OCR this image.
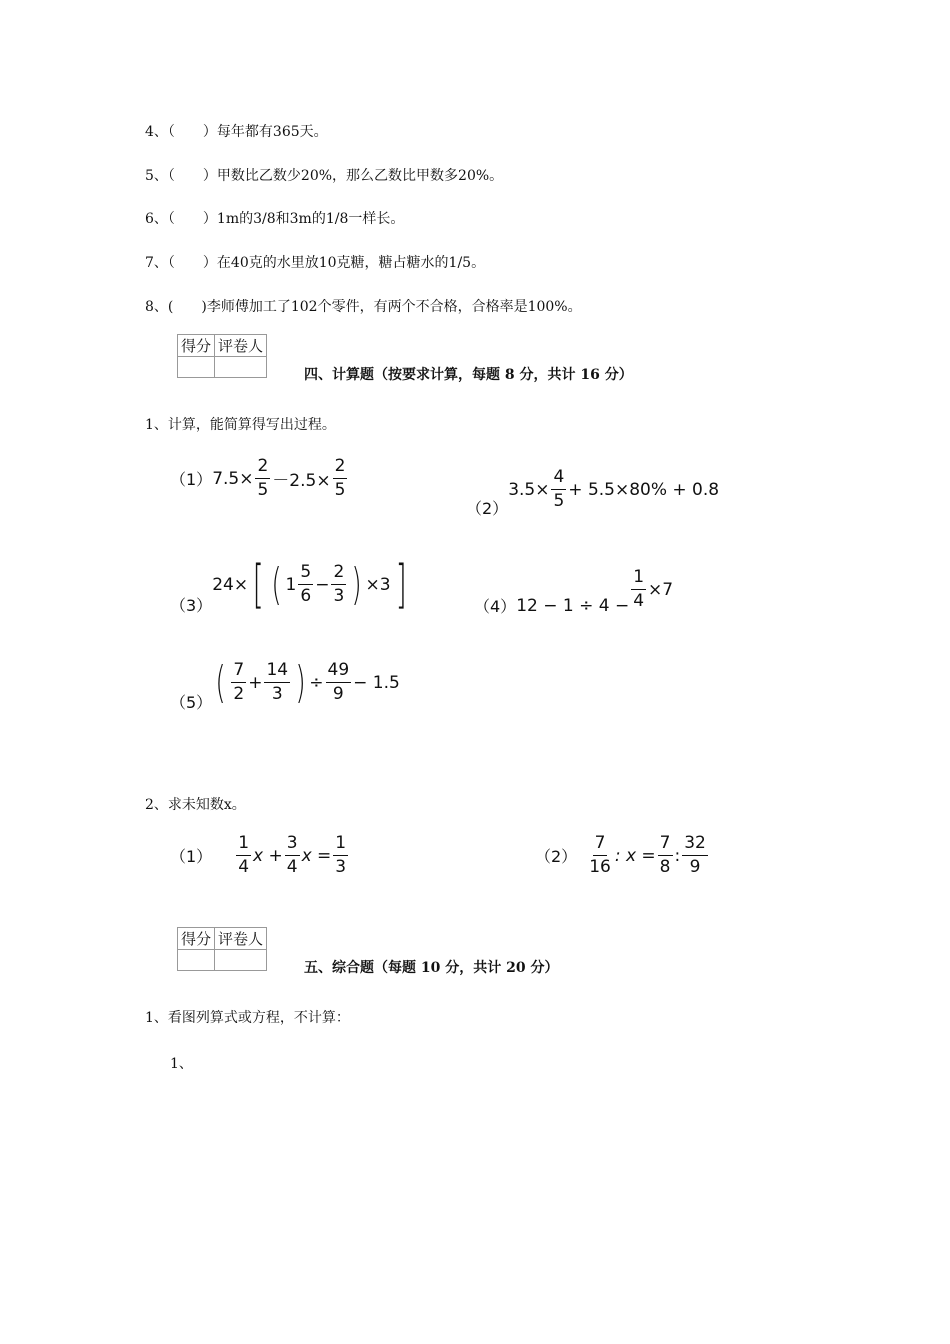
4、（　　）每年都有365天。
5、（　　）甲数比乙数少20%，那么乙数比甲数多20%。
6、（　　）1m的3/8和3m的1/8一样长。
7、（　　）在40克的水里放10克糖，糖占糖水的1/5。
8、(　　)李师傅加工了102个零件，有两个不合格，合格率是100%。
得分	评卷人

四、计算题（按要求计算，每题 8 分，共计 16 分）
1、计算，能简算得写出过程。
（1） $7.5\times \frac{2}{5} -2.5\times \frac{2}{5}$
（2）
$3.5\times \frac{4}{5} + 5.5\times 80\% + 0.8$
（3）
24× [ ( $1 \frac{5}{6} - \frac{2}{3}$ ) ×3 ]	（4） $12 - 1 \div 4 - \frac{1}{4} \times 7$
（5） ( $\frac{7}{2} + \frac{14}{3}$ ) ÷ $\frac{49}{9} - 1.5$
2、求未知数x。
$(1) \frac{1}{4}$ $x + \frac{3}{4}$ $x = \frac{1}{3}$	$(2) \frac{7}{16}$ : $x = \frac{7}{8}$ : $\frac{32}{9}$
得分	评卷人

五、综合题（每题 10 分，共计 20 分）
1、看图列算式或方程，不计算：
1、
